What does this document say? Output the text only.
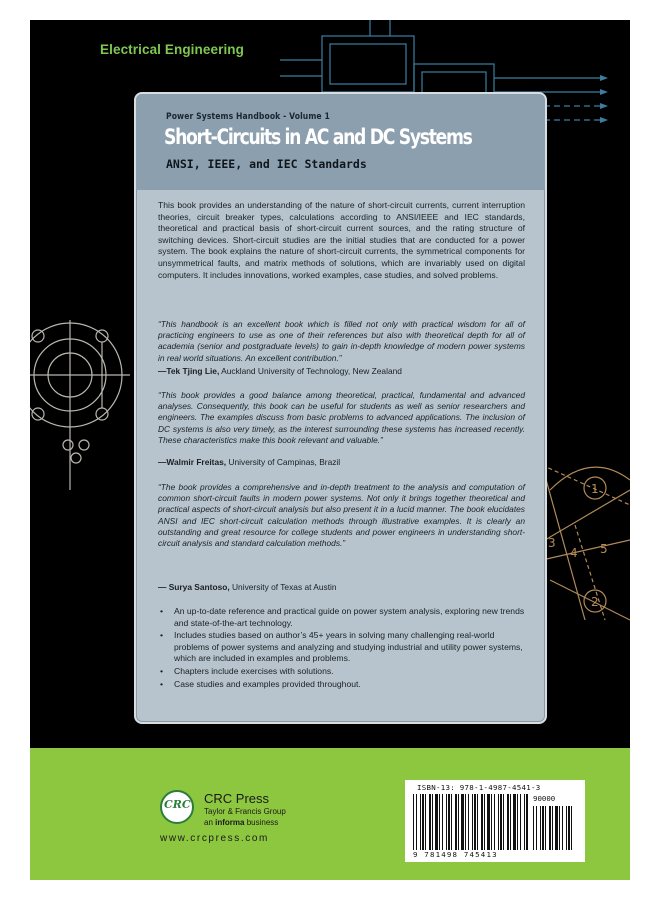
1
2
3
4 5
Electrical Engineering
Power Systems Handbook - Volume 1
Short-Circuits in AC and DC Systems
ANSI, IEEE, and IEC Standards
This book provides an understanding of the nature of short-circuit currents, current interruption theories, circuit breaker types, calculations according to ANSI/IEEE and IEC standards, theoretical and practical basis of short-circuit current sources, and the rating structure of switching devices. Short-circuit studies are the initial studies that are conducted for a power system. The book explains the nature of short-circuit currents, the symmetrical components for unsymmetrical faults, and matrix methods of solutions, which are invariably used on digital computers. It includes innovations, worked examples, case studies, and solved problems.
“This handbook is an excellent book which is filled not only with practical wisdom for all of practicing engineers to use as one of their references but also with theoretical depth for all of academia (senior and postgraduate levels) to gain in-depth knowledge of modern power systems in real world situations. An excellent contribution.”
—Tek Tjing Lie, Auckland University of Technology, New Zealand
“This book provides a good balance among theoretical, practical, fundamental and advanced analyses. Consequently, this book can be useful for students as well as senior researchers and engineers. The examples discuss from basic problems to advanced applications. The inclusion of DC systems is also very timely, as the interest surrounding these systems has increased recently. These characteristics make this book relevant and valuable.”
—Walmir Freitas, University of Campinas, Brazil
“The book provides a comprehensive and in-depth treatment to the analysis and computation of common short-circuit faults in modern power systems. Not only it brings together theoretical and practical aspects of short-circuit analysis but also present it in a lucid manner. The book elucidates ANSI and IEC short-circuit calculation methods through illustrative examples. It is clearly an outstanding and great resource for college students and power engineers in understanding short-circuit analysis and standard calculation methods.”
— Surya Santoso, University of Texas at Austin
• An up-to-date reference and practical guide on power system analysis, exploring new trends and state-of-the-art technology.
• Includes studies based on author’s 45+ years in solving many challenging real-world problems of power systems and analyzing and studying industrial and utility power systems, which are included in examples and problems.
• Chapters include exercises with solutions.
• Case studies and examples provided throughout.
CRC CRC Press
Taylor & Francis Group
an informa business
www.crcpress.com
ISBN-13: 978-1-4987-4541-3
90000
9 781498 745413
